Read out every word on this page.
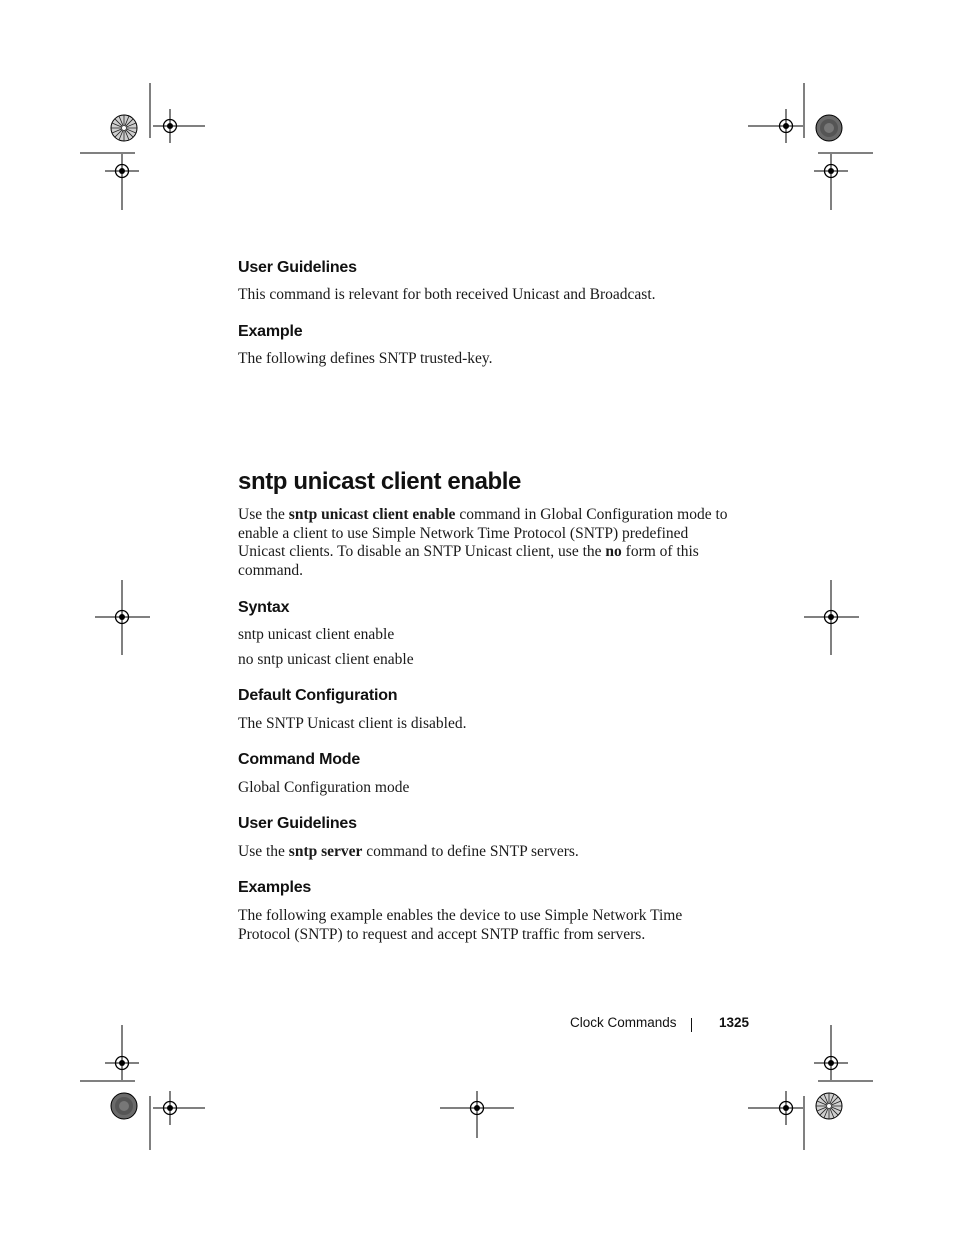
User Guidelines

This command is relevant for both received Unicast and Broadcast.

Example

The following defines SNTP trusted-key.

sntp unicast client enable

Use the sntp unicast client enable command in Global Configuration mode to enable a client to use Simple Network Time Protocol (SNTP) predefined Unicast clients. To disable an SNTP Unicast client, use the no form of this command.

Syntax

sntp unicast client enable

no sntp unicast client enable

Default Configuration

The SNTP Unicast client is disabled.

Command Mode

Global Configuration mode

User Guidelines

Use the sntp server command to define SNTP servers.

Examples

The following example enables the device to use Simple Network Time Protocol (SNTP) to request and accept SNTP traffic from servers.

Clock Commands	1325
